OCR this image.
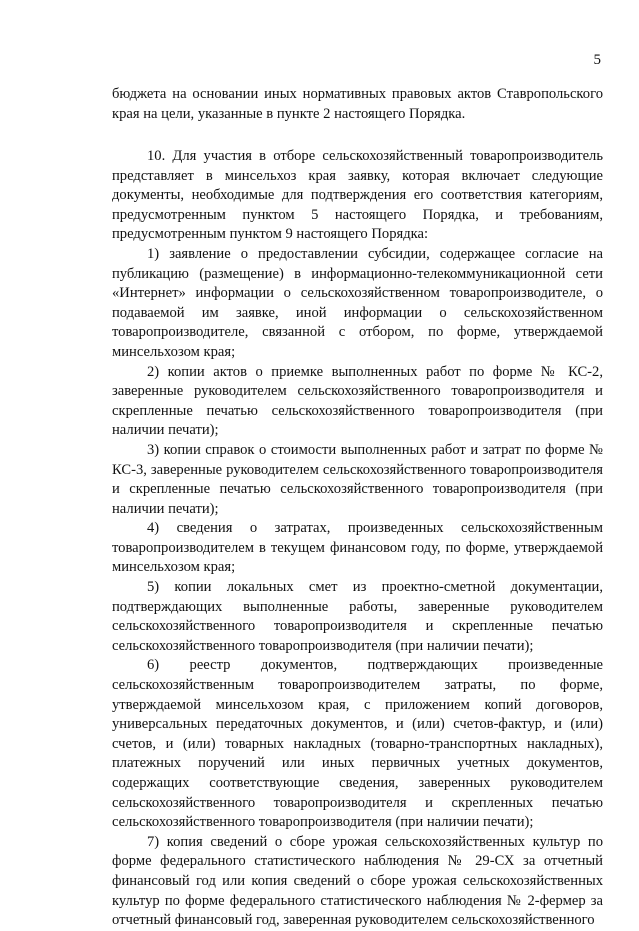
5

бюджета на основании иных нормативных правовых актов Ставропольского края на цели, указанные в пункте 2 настоящего Порядка.

10. Для участия в отборе сельскохозяйственный товаропроизводитель представляет в минсельхоз края заявку, которая включает следующие документы, необходимые для подтверждения его соответствия категориям, предусмотренным пунктом 5 настоящего Порядка, и требованиям, предусмотренным пунктом 9 настоящего Порядка:

1) заявление о предоставлении субсидии, содержащее согласие на публикацию (размещение) в информационно-телекоммуникационной сети «Интернет» информации о сельскохозяйственном товаропроизводителе, о подаваемой им заявке, иной информации о сельскохозяйственном товаропроизводителе, связанной с отбором, по форме, утверждаемой минсельхозом края;

2) копии актов о приемке выполненных работ по форме № КС-2, заверенные руководителем сельскохозяйственного товаропроизводителя и скрепленные печатью сельскохозяйственного товаропроизводителя (при наличии печати);

3) копии справок о стоимости выполненных работ и затрат по форме № КС-3, заверенные руководителем сельскохозяйственного товаропроизводителя и скрепленные печатью сельскохозяйственного товаропроизводителя (при наличии печати);

4) сведения о затратах, произведенных сельскохозяйственным товаропроизводителем в текущем финансовом году, по форме, утверждаемой минсельхозом края;

5) копии локальных смет из проектно-сметной документации, подтверждающих выполненные работы, заверенные руководителем сельскохозяйственного товаропроизводителя и скрепленные печатью сельскохозяйственного товаропроизводителя (при наличии печати);

6) реестр документов, подтверждающих произведенные сельскохозяйственным товаропроизводителем затраты, по форме, утверждаемой минсельхозом края, с приложением копий договоров, универсальных передаточных документов, и (или) счетов-фактур, и (или) счетов, и (или) товарных накладных (товарно-транспортных накладных), платежных поручений или иных первичных учетных документов, содержащих соответствующие сведения, заверенных руководителем сельскохозяйственного товаропроизводителя и скрепленных печатью сельскохозяйственного товаропроизводителя (при наличии печати);

7) копия сведений о сборе урожая сельскохозяйственных культур по форме федерального статистического наблюдения № 29-СХ за отчетный финансовый год или копия сведений о сборе урожая сельскохозяйственных культур по форме федерального статистического наблюдения № 2-фермер за отчетный финансовый год, заверенная руководителем сельскохозяйственного
